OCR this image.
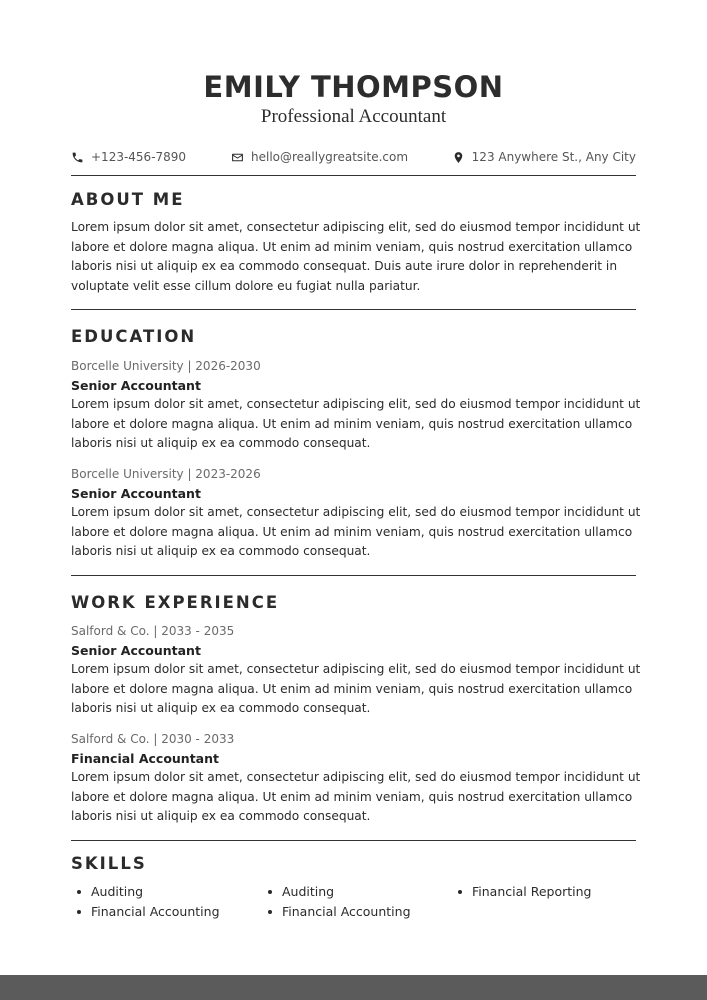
EMILY THOMPSON
Professional Accountant
+123-456-7890	hello@reallygreatsite.com	123 Anywhere St., Any City
ABOUT ME

Lorem ipsum dolor sit amet, consectetur adipiscing elit, sed do eiusmod tempor incididunt ut labore et dolore magna aliqua. Ut enim ad minim veniam, quis nostrud exercitation ullamco laboris nisi ut aliquip ex ea commodo consequat. Duis aute irure dolor in reprehenderit in voluptate velit esse cillum dolore eu fugiat nulla pariatur.

EDUCATION
Borcelle University | 2026-2030
Senior Accountant

Lorem ipsum dolor sit amet, consectetur adipiscing elit, sed do eiusmod tempor incididunt ut labore et dolore magna aliqua. Ut enim ad minim veniam, quis nostrud exercitation ullamco laboris nisi ut aliquip ex ea commodo consequat.

Borcelle University | 2023-2026
Senior Accountant

Lorem ipsum dolor sit amet, consectetur adipiscing elit, sed do eiusmod tempor incididunt ut labore et dolore magna aliqua. Ut enim ad minim veniam, quis nostrud exercitation ullamco laboris nisi ut aliquip ex ea commodo consequat.

WORK EXPERIENCE
Salford & Co. | 2033 - 2035
Senior Accountant

Lorem ipsum dolor sit amet, consectetur adipiscing elit, sed do eiusmod tempor incididunt ut labore et dolore magna aliqua. Ut enim ad minim veniam, quis nostrud exercitation ullamco laboris nisi ut aliquip ex ea commodo consequat.

Salford & Co. | 2030 - 2033
Financial Accountant

Lorem ipsum dolor sit amet, consectetur adipiscing elit, sed do eiusmod tempor incididunt ut labore et dolore magna aliqua. Ut enim ad minim veniam, quis nostrud exercitation ullamco laboris nisi ut aliquip ex ea commodo consequat.

SKILLS
Auditing
Financial Accounting
Auditing
Financial Accounting
Financial Reporting
